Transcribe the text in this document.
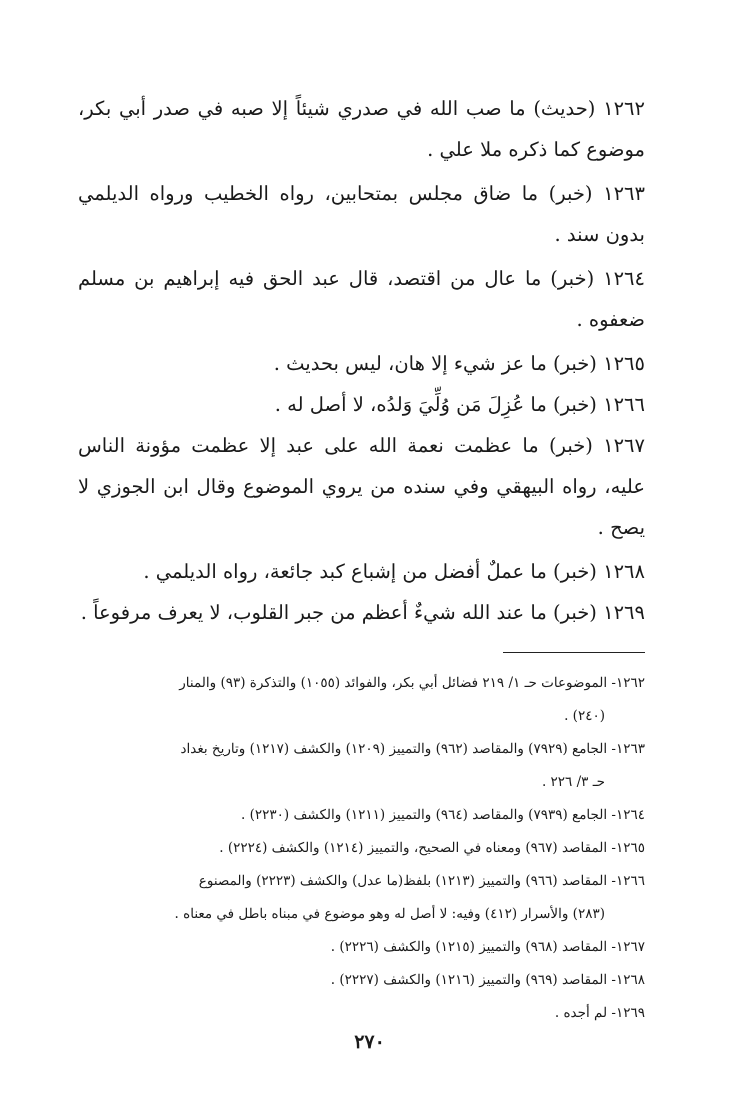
١٢٦٢ (حديث) ما صب الله في صدري شيئاً إلا صبه في صدر أبي بكر، موضوع كما ذكره ملا علي .

١٢٦٣ (خبر) ما ضاق مجلس بمتحابين، رواه الخطيب ورواه الديلمي بدون سند .

١٢٦٤ (خبر) ما عال من اقتصد، قال عبد الحق فيه إبراهيم بن مسلم ضعفوه .

١٢٦٥ (خبر) ما عز شيء إلا هان، ليس بحديث .

١٢٦٦ (خبر) ما عُزِلَ مَن وُلِّيَ وَلدُه، لا أصل له .

١٢٦٧ (خبر) ما عظمت نعمة الله على عبد إلا عظمت مؤونة الناس عليه، رواه البيهقي وفي سنده من يروي الموضوع وقال ابن الجوزي لا يصح .

١٢٦٨ (خبر) ما عملٌ أفضل من إشباع كبد جائعة، رواه الديلمي .

١٢٦٩ (خبر) ما عند الله شيءٌ أعظم من جبر القلوب، لا يعرف مرفوعاً .

١٢٦٢- الموضوعات حـ ١/ ٢١٩ فضائل أبي بكر، والفوائد (١٠٥٥) والتذكرة (٩٣) والمنار
(٢٤٠) .

١٢٦٣- الجامع (٧٩٢٩) والمقاصد (٩٦٢) والتمييز (١٢٠٩) والكشف (١٢١٧) وتاريخ بغداد
حـ ٣/ ٢٢٦ .

١٢٦٤- الجامع (٧٩٣٩) والمقاصد (٩٦٤) والتمييز (١٢١١) والكشف (٢٢٣٠) .

١٢٦٥- المقاصد (٩٦٧) ومعناه في الصحيح، والتمييز (١٢١٤) والكشف (٢٢٢٤) .

١٢٦٦- المقاصد (٩٦٦) والتمييز (١٢١٣) بلفظ(ما عدل) والكشف (٢٢٢٣) والمصنوع
(٢٨٣) والأسرار (٤١٢) وفيه: لا أصل له وهو موضوع في مبناه باطل في معناه .

١٢٦٧- المقاصد (٩٦٨) والتمييز (١٢١٥) والكشف (٢٢٢٦) .

١٢٦٨- المقاصد (٩٦٩) والتمييز (١٢١٦) والكشف (٢٢٢٧) .

١٢٦٩- لم أجده .

٢٧٠
